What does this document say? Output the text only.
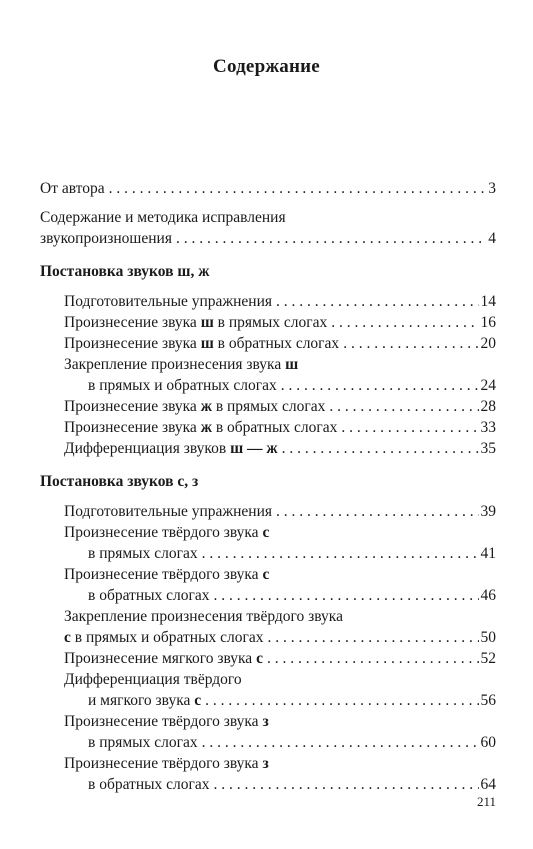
Содержание
От автора . . .	3
Содержание и методика исправления
звукопроизношения . . .	4
Постановка звуков ш, ж
Подготовительные упражнения . . .	14
Произнесение звука ш в прямых слогах . . .	16
Произнесение звука ш в обратных слогах . . .	20
Закрепление произнесения звука ш
в прямых и обратных слогах . . .	24
Произнесение звука ж в прямых слогах . . .	28
Произнесение звука ж в обратных слогах . . .	33
Дифференциация звуков ш — ж . . .	35
Постановка звуков с, з
Подготовительные упражнения . . .	39
Произнесение твёрдого звука с
в прямых слогах . . .	41
Произнесение твёрдого звука с
в обратных слогах . . .	46
Закрепление произнесения твёрдого звука
с в прямых и обратных слогах . . .	50
Произнесение мягкого звука с . . .	52
Дифференциация твёрдого
и мягкого звука с . . .	56
Произнесение твёрдого звука з
в прямых слогах . . .	60
Произнесение твёрдого звука з
в обратных слогах . . .	64
211
